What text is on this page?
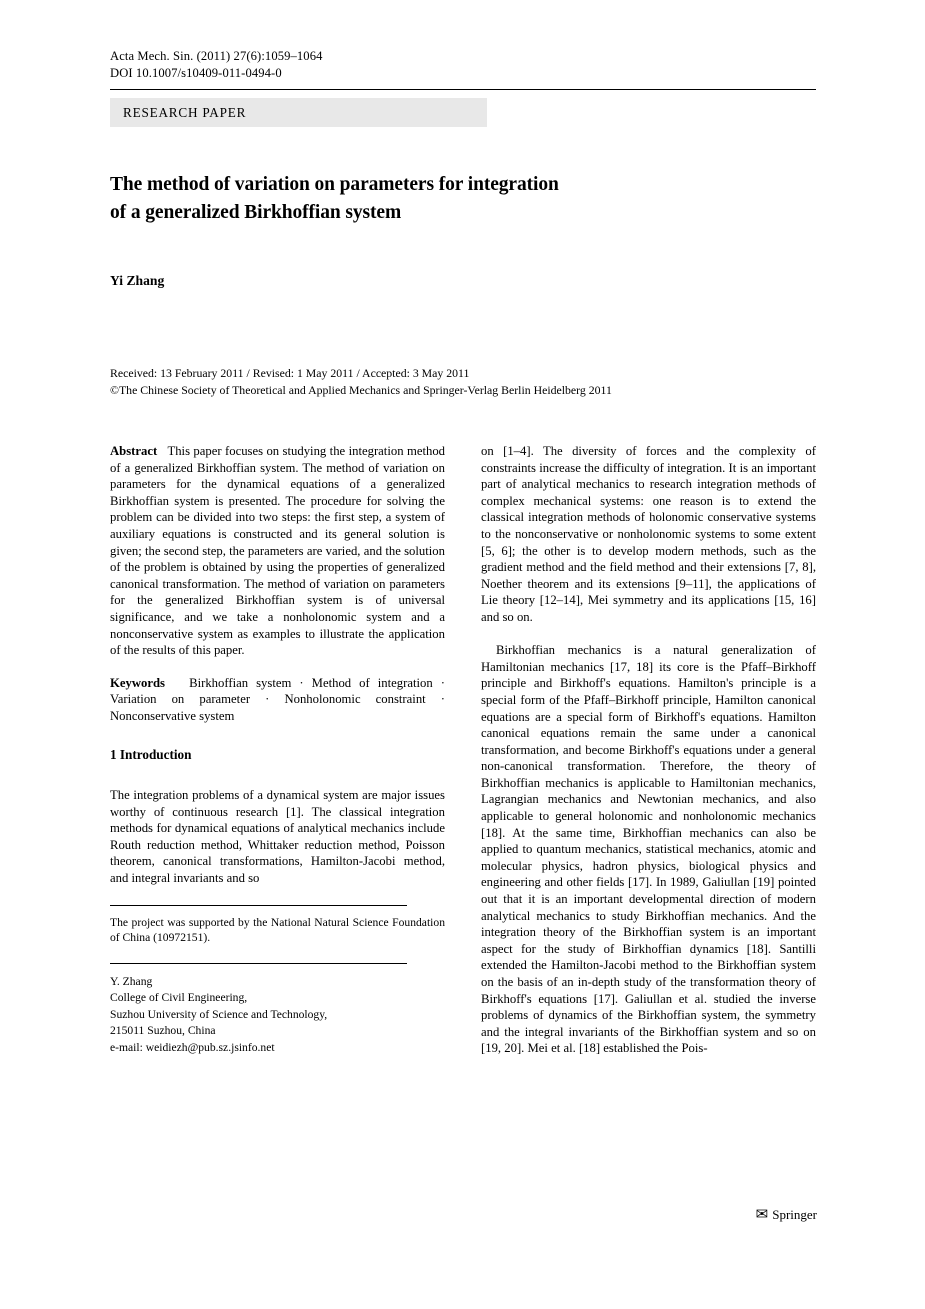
Acta Mech. Sin. (2011) 27(6):1059–1064
DOI 10.1007/s10409-011-0494-0
RESEARCH PAPER
The method of variation on parameters for integration
of a generalized Birkhoffian system
Yi Zhang
Received: 13 February 2011 / Revised: 1 May 2011 / Accepted: 3 May 2011
©The Chinese Society of Theoretical and Applied Mechanics and Springer-Verlag Berlin Heidelberg 2011

Abstract This paper focuses on studying the integration method of a generalized Birkhoffian system. The method of variation on parameters for the dynamical equations of a generalized Birkhoffian system is presented. The procedure for solving the problem can be divided into two steps: the first step, a system of auxiliary equations is constructed and its general solution is given; the second step, the parameters are varied, and the solution of the problem is obtained by using the properties of generalized canonical transformation. The method of variation on parameters for the generalized Birkhoffian system is of universal significance, and we take a nonholonomic system and a nonconservative system as examples to illustrate the application of the results of this paper.

Keywords Birkhoffian system · Method of integration · Variation on parameter · Nonholonomic constraint · Nonconservative system

1 Introduction

The integration problems of a dynamical system are major issues worthy of continuous research [1]. The classical integration methods for dynamical equations of analytical mechanics include Routh reduction method, Whittaker reduction method, Poisson theorem, canonical transformations, Hamilton-Jacobi method, and integral invariants and so

The project was supported by the National Natural Science Foundation of China (10972151).
Y. Zhang
College of Civil Engineering,
Suzhou University of Science and Technology,
215011 Suzhou, China
e-mail: weidiezh@pub.sz.jsinfo.net

on [1–4]. The diversity of forces and the complexity of constraints increase the difficulty of integration. It is an important part of analytical mechanics to research integration methods of complex mechanical systems: one reason is to extend the classical integration methods of holonomic conservative systems to the nonconservative or nonholonomic systems to some extent [5, 6]; the other is to develop modern methods, such as the gradient method and the field method and their extensions [7, 8], Noether theorem and its extensions [9–11], the applications of Lie theory [12–14], Mei symmetry and its applications [15, 16] and so on.

Birkhoffian mechanics is a natural generalization of Hamiltonian mechanics [17, 18] its core is the Pfaff–Birkhoff principle and Birkhoff's equations. Hamilton's principle is a special form of the Pfaff–Birkhoff principle, Hamilton canonical equations are a special form of Birkhoff's equations. Hamilton canonical equations remain the same under a canonical transformation, and become Birkhoff's equations under a general non-canonical transformation. Therefore, the theory of Birkhoffian mechanics is applicable to Hamiltonian mechanics, Lagrangian mechanics and Newtonian mechanics, and also applicable to general holonomic and nonholonomic mechanics [18]. At the same time, Birkhoffian mechanics can also be applied to quantum mechanics, statistical mechanics, atomic and molecular physics, hadron physics, biological physics and engineering and other fields [17]. In 1989, Galiullan [19] pointed out that it is an important developmental direction of modern analytical mechanics to study Birkhoffian mechanics. And the integration theory of the Birkhoffian system is an important aspect for the study of Birkhoffian dynamics [18]. Santilli extended the Hamilton-Jacobi method to the Birkhoffian system on the basis of an in-depth study of the transformation theory of Birkhoff's equations [17]. Galiullan et al. studied the inverse problems of dynamics of the Birkhoffian system, the symmetry and the integral invariants of the Birkhoffian system and so on [19, 20]. Mei et al. [18] established the Pois-

✉ Springer
